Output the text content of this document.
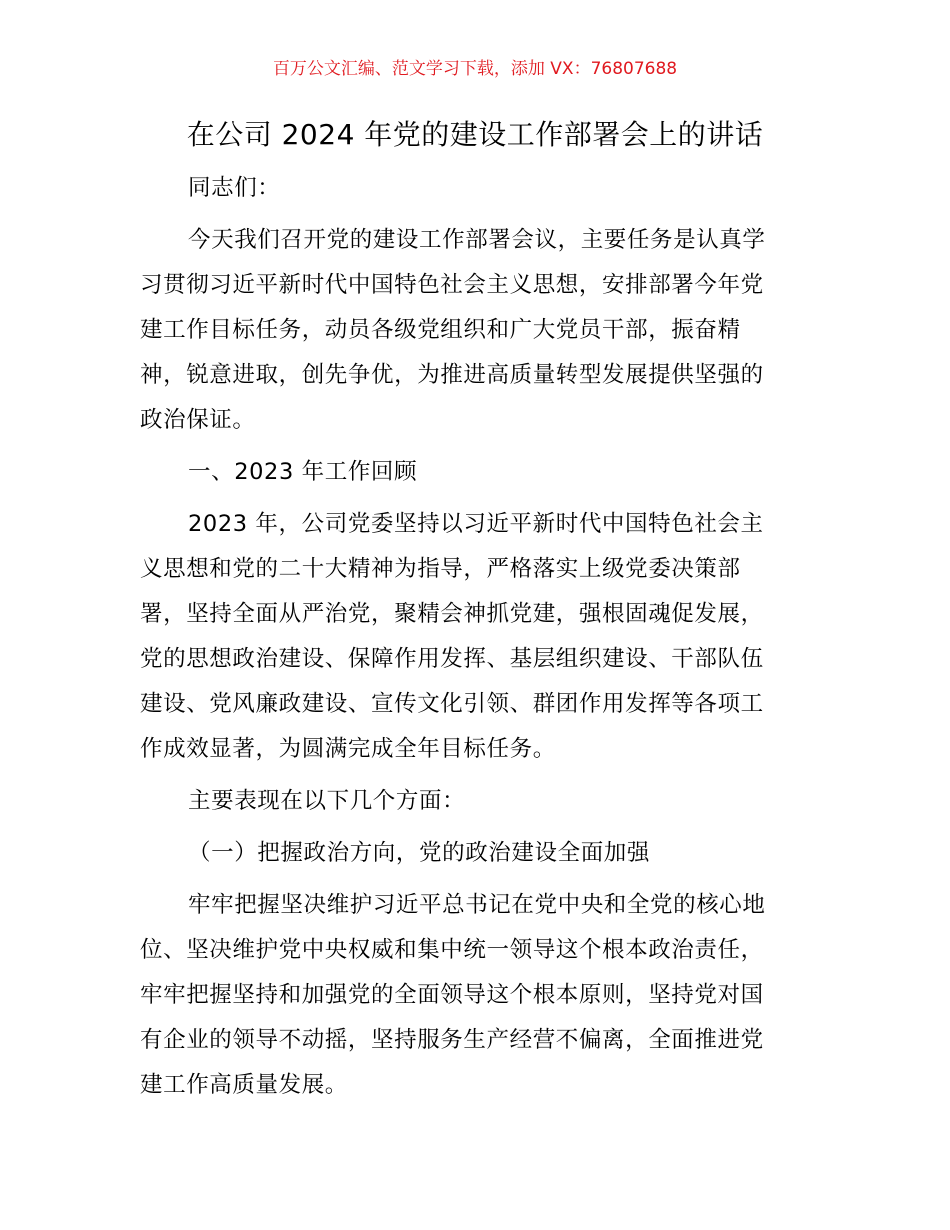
百万公文汇编、范文学习下载，添加 VX：76807688
在公司 2024 年党的建设工作部署会上的讲话
同志们：
今天我们召开党的建设工作部署会议，主要任务是认真学
习贯彻习近平新时代中国特色社会主义思想，安排部署今年党
建工作目标任务，动员各级党组织和广大党员干部，振奋精
神，锐意进取，创先争优，为推进高质量转型发展提供坚强的
政治保证。
一、2023 年工作回顾
2023 年，公司党委坚持以习近平新时代中国特色社会主
义思想和党的二十大精神为指导，严格落实上级党委决策部
署，坚持全面从严治党，聚精会神抓党建，强根固魂促发展，
党的思想政治建设、保障作用发挥、基层组织建设、干部队伍
建设、党风廉政建设、宣传文化引领、群团作用发挥等各项工
作成效显著，为圆满完成全年目标任务。
主要表现在以下几个方面：
（一）把握政治方向，党的政治建设全面加强
牢牢把握坚决维护习近平总书记在党中央和全党的核心地
位、坚决维护党中央权威和集中统一领导这个根本政治责任，
牢牢把握坚持和加强党的全面领导这个根本原则，坚持党对国
有企业的领导不动摇，坚持服务生产经营不偏离，全面推进党
建工作高质量发展。
